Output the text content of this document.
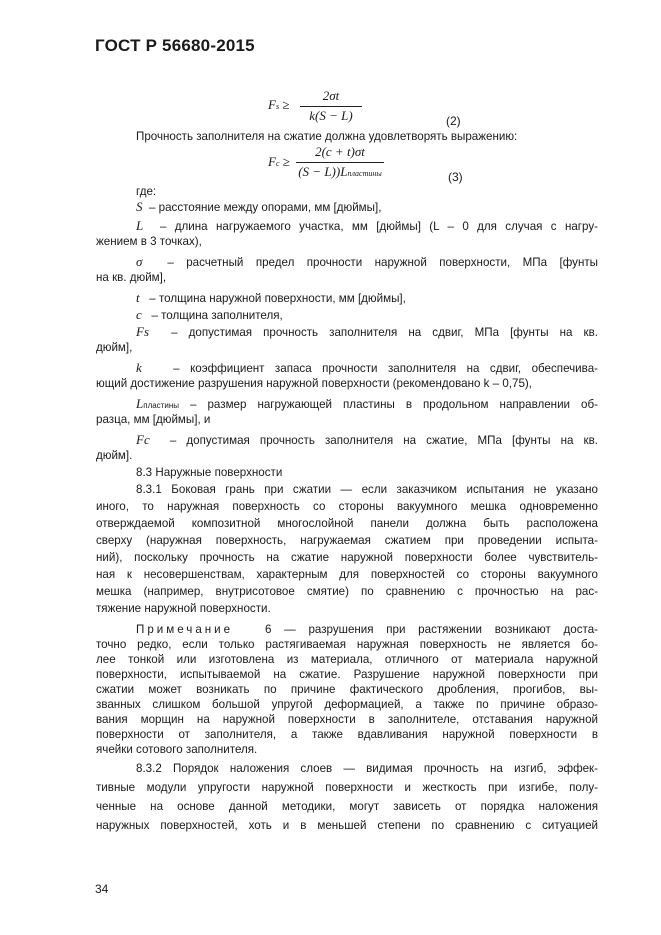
ГОСТ Р 56680-2015
Fs ≥
2σt
k(S − L)	(2)
Прочность заполнителя на сжатие должна удовлетворять выражению:
Fc ≥
2(c + t)σt
(S − L))Lпластины	(3)
где:
S – расстояние между опорами, мм [дюймы],
L – длина нагружаемого участка, мм [дюймы] (L – 0 для случая с нагру-
жением в 3 точках),
σ – расчетный предел прочности наружной поверхности, МПа [фунты
на кв. дюйм],
t – толщина наружной поверхности, мм [дюймы],
c – толщина заполнителя,
Fs – допустимая прочность заполнителя на сдвиг, МПа [фунты на кв.
дюйм],
k	– коэффициент запаса прочности заполнителя на сдвиг, обеспечива-
ющий достижение разрушения наружной поверхности (рекомендовано k – 0,75),
Lпластины – размер нагружающей пластины в продольном направлении об-
разца, мм [дюймы], и
Fc – допустимая прочность заполнителя на сжатие, МПа [фунты на кв.
дюйм].
8.3 Наружные поверхности
8.3.1 Боковая грань при сжатии — если заказчиком испытания не указано
иного, то наружная поверхность со стороны вакуумного мешка одновременно
отверждаемой композитной многослойной панели должна быть расположена
сверху (наружная поверхность, нагружаемая сжатием при проведении испыта-
ний), поскольку прочность на сжатие наружной поверхности более чувствитель-
ная к несовершенствам, характерным для поверхностей со стороны вакуумного
мешка (например, внутрисотовое смятие) по сравнению с прочностью на рас-
тяжение наружной поверхности.
Примечание	6 — разрушения при растяжении возникают доста-
точно редко, если только растягиваемая наружная поверхность не является бо-
лее тонкой или изготовлена из материала, отличного от материала наружной
поверхности, испытываемой на сжатие. Разрушение наружной поверхности при
сжатии может возникать по причине фактического дробления, прогибов, вы-
званных слишком большой упругой деформацией, а также по причине образо-
вания морщин на наружной поверхности в заполнителе, отставания наружной
поверхности от заполнителя, а также вдавливания наружной поверхности в
ячейки сотового заполнителя.
8.3.2 Порядок наложения слоев — видимая прочность на изгиб, эффек-
тивные модули упругости наружной поверхности и жесткость при изгибе, полу-
ченные на основе данной методики, могут зависеть от порядка наложения
наружных поверхностей, хоть и в меньшей степени по сравнению с ситуацией
34
